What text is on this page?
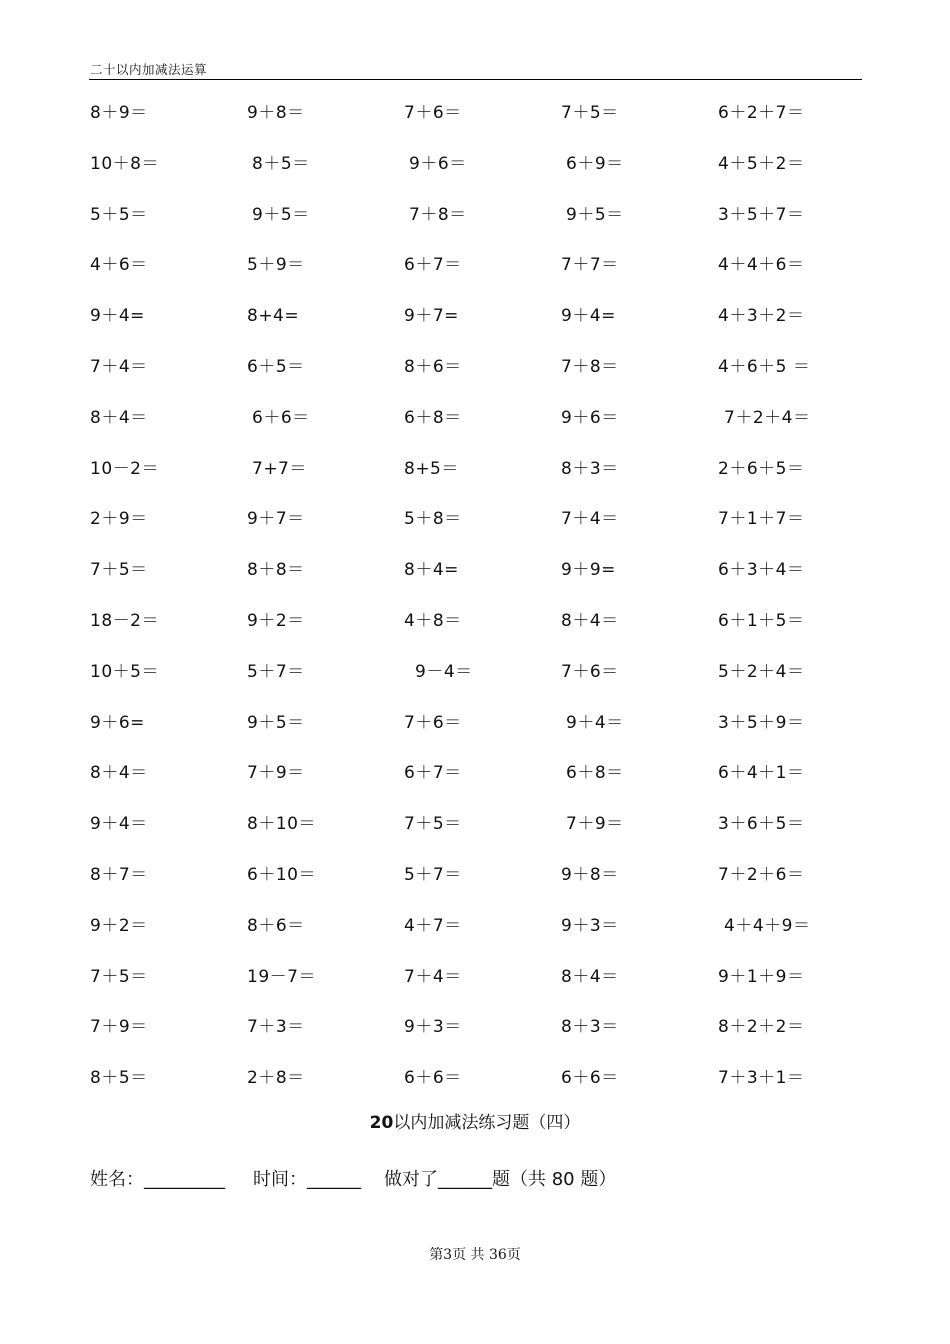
二十以内加减法运算
8＋9＝	9＋8＝	7＋6＝	7＋5＝	6＋2＋7＝
10＋8＝	8＋5＝	9＋6＝	6＋9＝	4＋5＋2＝
5＋5＝	9＋5＝	7＋8＝	9＋5＝	3＋5＋7＝
4＋6＝	5＋9＝	6＋7＝	7＋7＝	4＋4＋6＝
9＋4=	8+4=	9＋7=	9＋4=	4＋3＋2＝
7＋4＝	6＋5＝	8＋6＝	7＋8＝	4＋6＋5 ＝
8＋4＝	6＋6＝	6＋8＝	9＋6＝	7＋2＋4＝
10－2＝	7+7＝	8+5＝	8＋3＝	2＋6＋5＝
2＋9＝	9＋7＝	5＋8＝	7＋4＝	7＋1＋7＝
7＋5＝	8＋8＝	8＋4=	9＋9=	6＋3＋4＝
18－2＝	9＋2＝	4＋8＝	8＋4＝	6＋1＋5＝
10＋5＝	5＋7＝	9－4＝	7＋6＝	5＋2＋4＝
9＋6=	9＋5＝	7＋6＝	9＋4＝	3＋5＋9＝
8＋4＝	7＋9＝	6＋7＝	6＋8＝	6＋4＋1＝
9＋4＝	8＋10＝	7＋5＝	7＋9＝	3＋6＋5＝
8＋7＝	6＋10＝	5＋7＝	9＋8＝	7＋2＋6＝
9＋2＝	8＋6＝	4＋7＝	9＋3＝	4＋4＋9＝
7＋5＝	19－7＝	7＋4＝	8＋4＝	9＋1＋9＝
7＋9＝	7＋3＝	9＋3＝	8＋3＝	8＋2＋2＝
8＋5＝	2＋8＝	6＋6＝	6＋6＝	7＋3＋1＝
20以内加减法练习题（四）
姓名：_________ 时间：______ 做对了______题（共 80 题）
第3页 共 36页
